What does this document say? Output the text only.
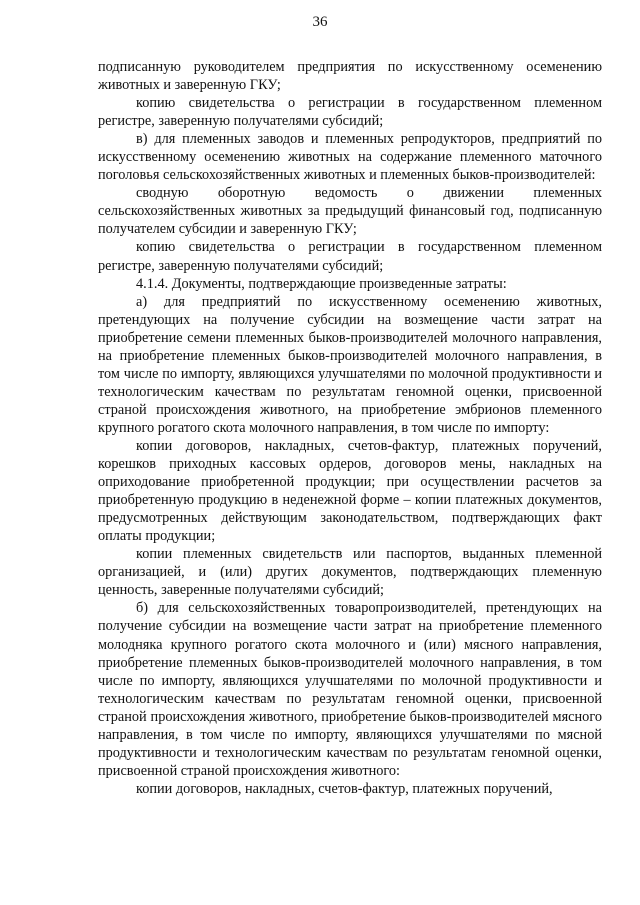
36

подписанную руководителем предприятия по искусственному осеменению животных и заверенную ГКУ;

копию свидетельства о регистрации в государственном племенном регистре, заверенную получателями субсидий;

в) для племенных заводов и племенных репродукторов, предприятий по искусственному осеменению животных на содержание племенного маточного поголовья сельскохозяйственных животных и племенных быков-производителей:

сводную оборотную ведомость о движении племенных сельскохозяйственных животных за предыдущий финансовый год, подписанную получателем субсидии и заверенную ГКУ;

копию свидетельства о регистрации в государственном племенном регистре, заверенную получателями субсидий;

4.1.4. Документы, подтверждающие произведенные затраты:

а) для предприятий по искусственному осеменению животных, претендующих на получение субсидии на возмещение части затрат на приобретение семени племенных быков-производителей молочного направления, на приобретение племенных быков-производителей молочного направления, в том числе по импорту, являющихся улучшателями по молочной продуктивности и технологическим качествам по результатам геномной оценки, присвоенной страной происхождения животного, на приобретение эмбрионов племенного крупного рогатого скота молочного направления, в том числе по импорту:

копии договоров, накладных, счетов-фактур, платежных поручений, корешков приходных кассовых ордеров, договоров мены, накладных на оприходование приобретенной продукции; при осуществлении расчетов за приобретенную продукцию в неденежной форме – копии платежных документов, предусмотренных действующим законодательством, подтверждающих факт оплаты продукции;

копии племенных свидетельств или паспортов, выданных племенной организацией, и (или) других документов, подтверждающих племенную ценность, заверенные получателями субсидий;

б) для сельскохозяйственных товаропроизводителей, претендующих на получение субсидии на возмещение части затрат на приобретение племенного молодняка крупного рогатого скота молочного и (или) мясного направления, приобретение племенных быков-производителей молочного направления, в том числе по импорту, являющихся улучшателями по молочной продуктивности и технологическим качествам по результатам геномной оценки, присвоенной страной происхождения животного, приобретение быков-производителей мясного направления, в том числе по импорту, являющихся улучшателями по мясной продуктивности и технологическим качествам по результатам геномной оценки, присвоенной страной происхождения животного:

копии договоров, накладных, счетов-фактур, платежных поручений,
